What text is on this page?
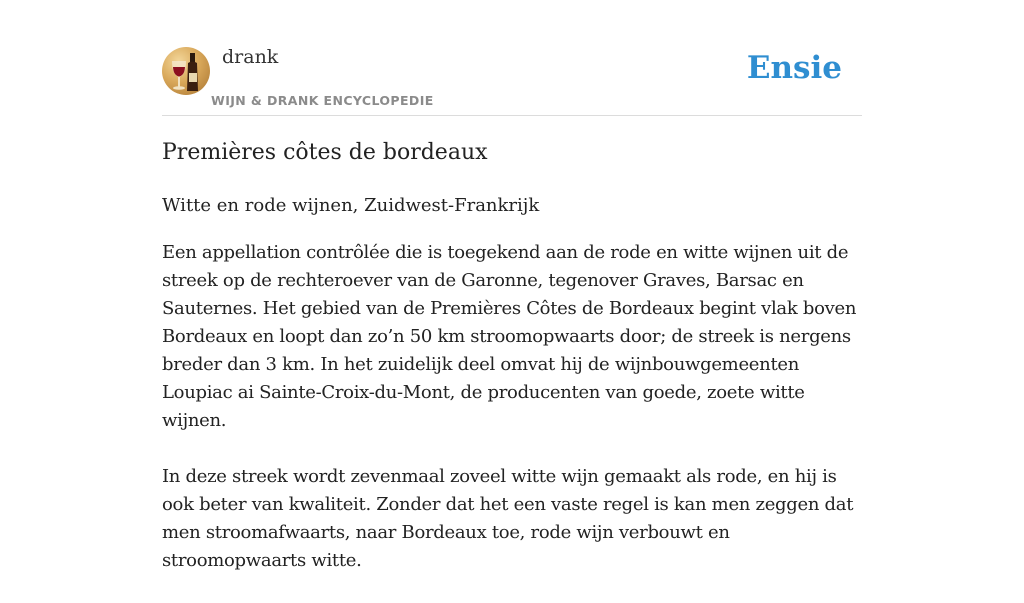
drank
WIJN & DRANK ENCYCLOPEDIE
Ensie
Premières côtes de bordeaux

Witte en rode wijnen, Zuidwest-Frankrijk

Een appellation contrôlée die is toegekend aan de rode en witte wijnen uit de streek op de rechteroever van de Garonne, tegenover Graves, Barsac en Sauternes. Het gebied van de Premières Côtes de Bordeaux begint vlak boven Bordeaux en loopt dan zo’n 50 km stroomopwaarts door; de streek is nergens breder dan 3 km. In het zuidelijk deel omvat hij de wijnbouwgemeenten Loupiac ai Sainte-Croix-du-Mont, de producenten van goede, zoete witte wijnen.

In deze streek wordt zevenmaal zoveel witte wijn gemaakt als rode, en hij is ook beter van kwaliteit. Zonder dat het een vaste regel is kan men zeggen dat men stroomafwaarts, naar Bordeaux toe, rode wijn verbouwt en stroomopwaarts witte.
